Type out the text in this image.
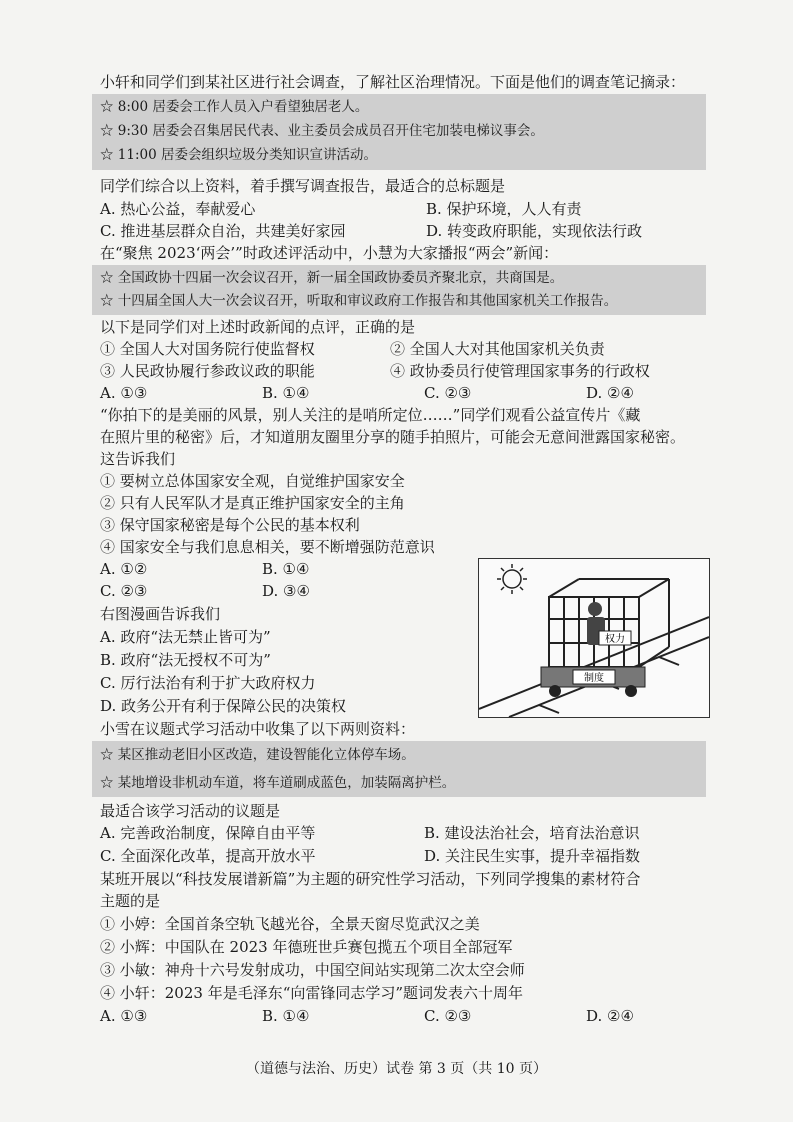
小轩和同学们到某社区进行社会调查，了解社区治理情况。下面是他们的调查笔记摘录：
☆ 8:00 居委会工作人员入户看望独居老人。
☆ 9:30 居委会召集居民代表、业主委员会成员召开住宅加装电梯议事会。
☆ 11:00 居委会组织垃圾分类知识宣讲活动。
同学们综合以上资料，着手撰写调查报告，最适合的总标题是
A. 热心公益，奉献爱心	B. 保护环境，人人有责
C. 推进基层群众自治，共建美好家园	D. 转变政府职能，实现依法行政
在“聚焦 2023‘两会’”时政述评活动中，小慧为大家播报“两会”新闻：
☆ 全国政协十四届一次会议召开，新一届全国政协委员齐聚北京，共商国是。
☆ 十四届全国人大一次会议召开，听取和审议政府工作报告和其他国家机关工作报告。
以下是同学们对上述时政新闻的点评，正确的是
① 全国人大对国务院行使监督权	② 全国人大对其他国家机关负责
③ 人民政协履行参政议政的职能	④ 政协委员行使管理国家事务的行政权
A. ①③	B. ①④	C. ②③	D. ②④
“你拍下的是美丽的风景，别人关注的是哨所定位……”同学们观看公益宣传片《藏
在照片里的秘密》后，才知道朋友圈里分享的随手拍照片，可能会无意间泄露国家秘密。
这告诉我们
① 要树立总体国家安全观，自觉维护国家安全
② 只有人民军队才是真正维护国家安全的主角
③ 保守国家秘密是每个公民的基本权利
④ 国家安全与我们息息相关，要不断增强防范意识
A. ①②	B. ①④
C. ②③	D. ③④
右图漫画告诉我们
A. 政府“法无禁止皆可为”
B. 政府“法无授权不可为”
C. 厉行法治有利于扩大政府权力
D. 政务公开有利于保障公民的决策权
权力
制度
小雪在议题式学习活动中收集了以下两则资料：
☆ 某区推动老旧小区改造，建设智能化立体停车场。
☆ 某地增设非机动车道，将车道刷成蓝色，加装隔离护栏。
最适合该学习活动的议题是
A. 完善政治制度，保障自由平等	B. 建设法治社会，培育法治意识
C. 全面深化改革，提高开放水平	D. 关注民生实事，提升幸福指数
某班开展以“科技发展谱新篇”为主题的研究性学习活动，下列同学搜集的素材符合
主题的是
① 小婷：全国首条空轨飞越光谷，全景天窗尽览武汉之美
② 小辉：中国队在 2023 年德班世乒赛包揽五个项目全部冠军
③ 小敏：神舟十六号发射成功，中国空间站实现第二次太空会师
④ 小轩：2023 年是毛泽东“向雷锋同志学习”题词发表六十周年
A. ①③	B. ①④	C. ②③	D. ②④
（道德与法治、历史）试卷 第 3 页（共 10 页）
